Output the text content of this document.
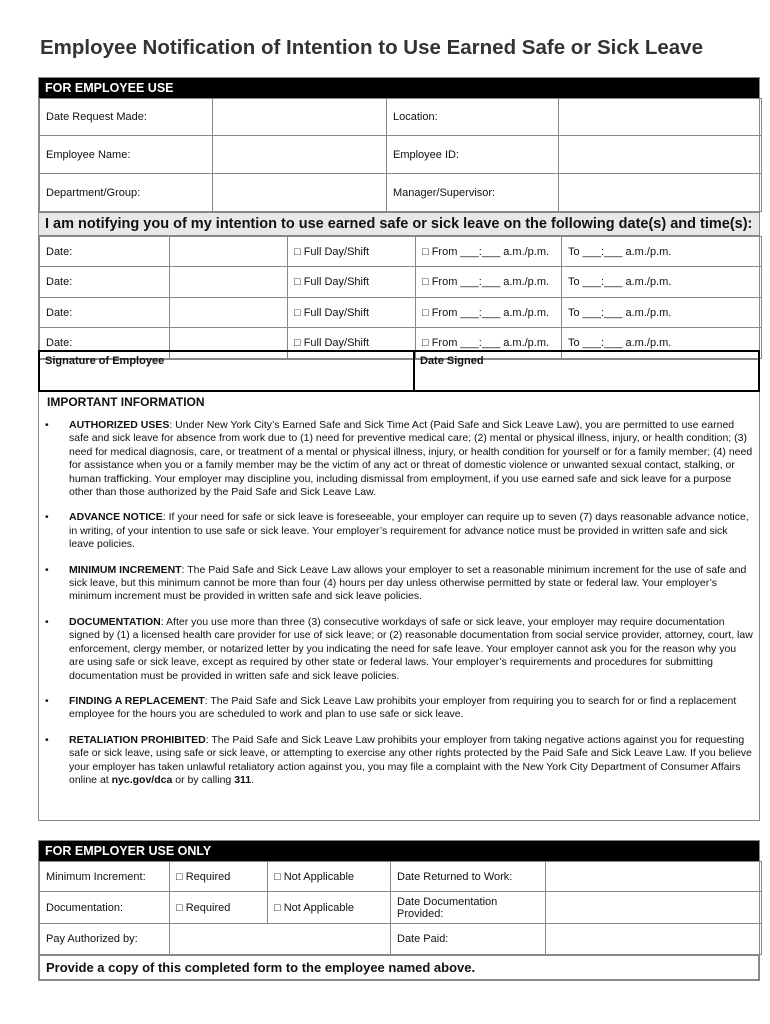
Employee Notification of Intention to Use Earned Safe or Sick Leave
FOR EMPLOYEE USE
Date Request Made:		Location:	
Employee Name:		Employee ID:	
Department/Group:		Manager/Supervisor:	
I am notifying you of my intention to use earned safe or sick leave on the following date(s) and time(s):
Date:		□ Full Day/Shift	□ From ___:___ a.m./p.m.	To ___:___ a.m./p.m.
Date:		□ Full Day/Shift	□ From ___:___ a.m./p.m.	To ___:___ a.m./p.m.
Date:		□ Full Day/Shift	□ From ___:___ a.m./p.m.	To ___:___ a.m./p.m.
Date:		□ Full Day/Shift	□ From ___:___ a.m./p.m.	To ___:___ a.m./p.m.
Signature of Employee	Date Signed
IMPORTANT INFORMATION
• AUTHORIZED USES: Under New York City’s Earned Safe and Sick Time Act (Paid Safe and Sick Leave Law), you are permitted to use earned safe and sick leave for absence from work due to (1) need for preventive medical care; (2) mental or physical illness, injury, or health condition; (3) need for medical diagnosis, care, or treatment of a mental or physical illness, injury, or health condition for yourself or for a family member; (4) need for assistance when you or a family member may be the victim of any act or threat of domestic violence or unwanted sexual contact, stalking, or human trafficking. Your employer may discipline you, including dismissal from employment, if you use earned safe and sick leave for a purpose other than those authorized by the Paid Safe and Sick Leave Law.
• ADVANCE NOTICE: If your need for safe or sick leave is foreseeable, your employer can require up to seven (7) days reasonable advance notice, in writing, of your intention to use safe or sick leave. Your employer’s requirement for advance notice must be provided in written safe and sick leave policies.
• MINIMUM INCREMENT: The Paid Safe and Sick Leave Law allows your employer to set a reasonable minimum increment for the use of safe and sick leave, but this minimum cannot be more than four (4) hours per day unless otherwise permitted by state or federal law. Your employer’s minimum increment must be provided in written safe and sick leave policies.
• DOCUMENTATION: After you use more than three (3) consecutive workdays of safe or sick leave, your employer may require documentation signed by (1) a licensed health care provider for use of sick leave; or (2) reasonable documentation from social service provider, attorney, court, law enforcement, clergy member, or notarized letter by you indicating the need for safe leave. Your employer cannot ask you for the reason why you are using safe or sick leave, except as required by other state or federal laws. Your employer’s requirements and procedures for submitting documentation must be provided in written safe and sick leave policies.
• FINDING A REPLACEMENT: The Paid Safe and Sick Leave Law prohibits your employer from requiring you to search for or find a replacement employee for the hours you are scheduled to work and plan to use safe or sick leave.
• RETALIATION PROHIBITED: The Paid Safe and Sick Leave Law prohibits your employer from taking negative actions against you for requesting safe or sick leave, using safe or sick leave, or attempting to exercise any other rights protected by the Paid Safe and Sick Leave Law. If you believe your employer has taken unlawful retaliatory action against you, you may file a complaint with the New York City Department of Consumer Affairs online at nyc.gov/dca or by calling 311.
FOR EMPLOYER USE ONLY
Minimum Increment:	□ Required	□ Not Applicable	Date Returned to Work:	
Documentation:	□ Required	□ Not Applicable	Date Documentation Provided:	
Pay Authorized by:			Date Paid:	
Provide a copy of this completed form to the employee named above.
